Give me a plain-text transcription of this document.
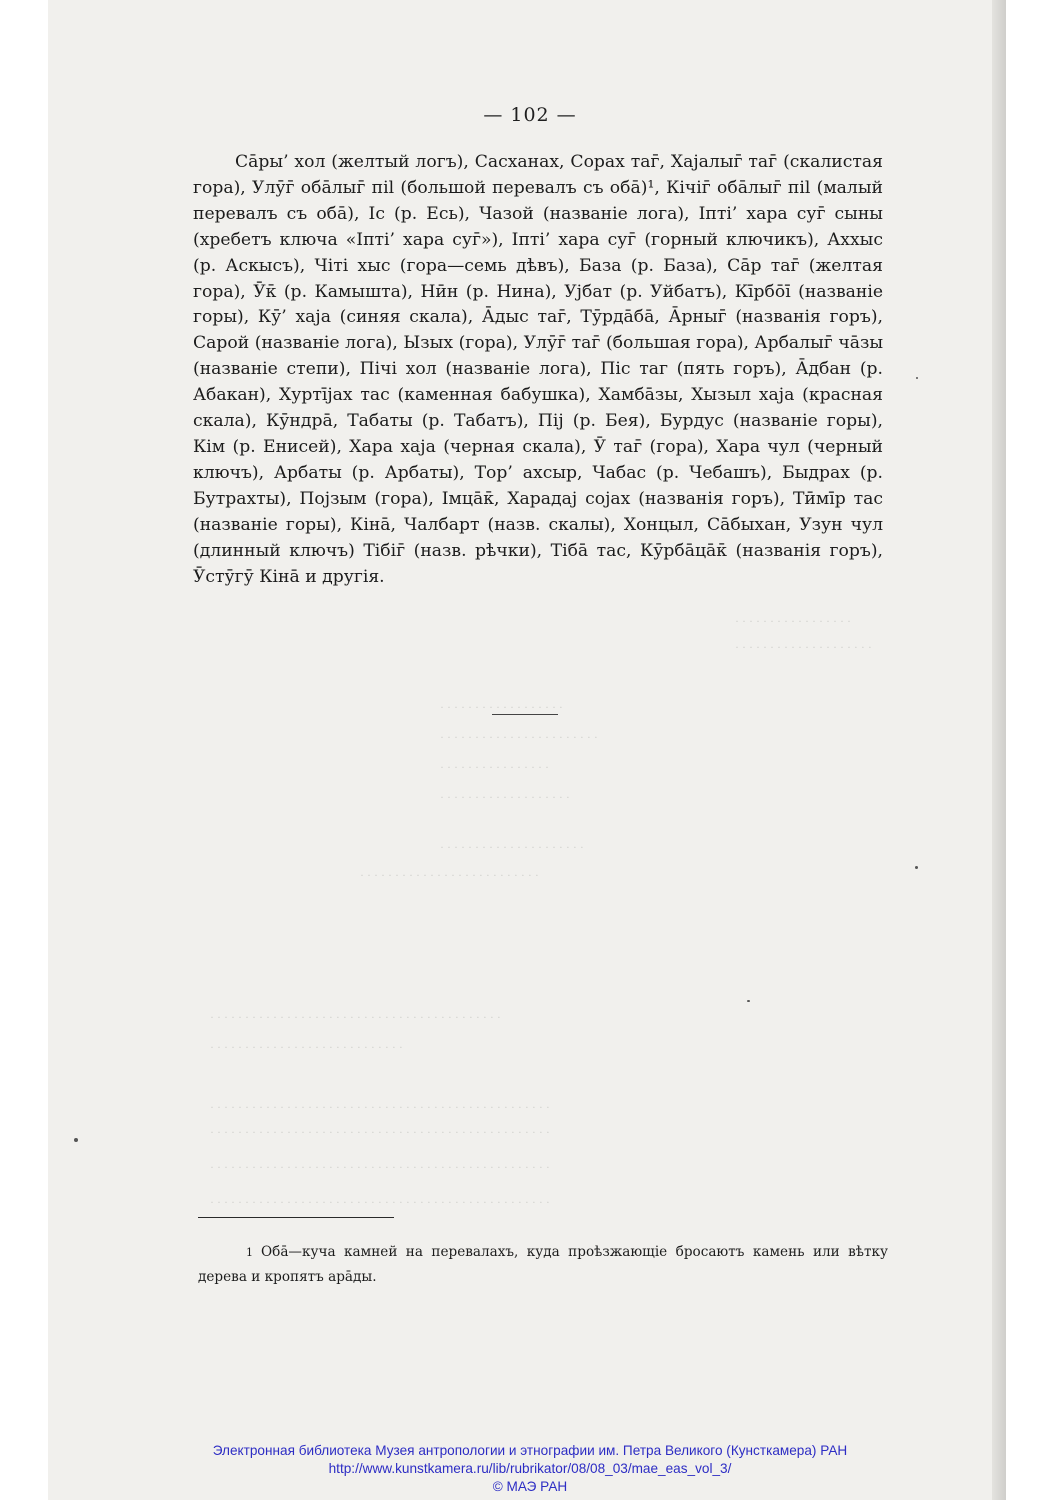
· · · · · · · · · · · · · · · · ·
· · · · · · · · · · · · · · · · · · · ·
· · · · · · · · · · · · · · · · · ·
· · · · · · · · · · · · · · · · · · · · · · ·
· · · · · · · · · · · · · · · ·
· · · · · · · · · · · · · · · · · · ·
· · · · · · · · · · · · · · · · · · · · ·
· · · · · · · · · · · · · · · · · · · · · · · · · ·
· · · · · · · · · · · · · · · · · · · · · · · · · · · · · · · · · · · · · · · · · ·
· · · · · · · · · · · · · · · · · · · · · · · · · · · ·
· · · · · · · · · · · · · · · · · · · · · · · · · · · · · · · · · · · · · · · · · · · · · · · · ·
· · · · · · · · · · · · · · · · · · · · · · · · · · · · · · · · · · · · · · · · · · · · · · · · ·
· · · · · · · · · · · · · · · · · · · · · · · · · · · · · · · · · · · · · · · · · · · · · · · · ·
· · · · · · · · · · · · · · · · · · · · · · · · · · · · · · · · · · · · · · · · · · · · · · · · ·
— 102 —
Са̄ры’ хол (желтый логъ), Сасханах, Сорах таг̄, Хаjалыг̄ таг̄ (скалистая гора), Улӯг̄ оба̄лыг̄ пil (большой перевалъ съ оба̄)¹, Кiчiг̄ оба̄лыг̄ пil (малый перевалъ съ оба̄), Iс (р. Есь), Чазой (названiе лога), Iптi’ хара суг̄ сыны (хребетъ ключа «Iптi’ хара суг̄»), Iптi’ хара суг̄ (горный ключикъ), Аххыс (р. Аскысъ), Чiтi хыс (гора—семь дѣвъ), База (р. База), Са̄р таг̄ (желтая гора), Ӯк̄ (р. Камышта), Нӣн (р. Нина), Уjбат (р. Уйбатъ), Кīрбōī (названiе горы), Кӯ’ хаjа (синяя скала), А̄дыс таг̄, Тӯрдāбā, А̄рныг̄ (названiя горъ), Сарой (названiе лога), Ызых (гора), Улӯг̄ таг̄ (большая гора), Арбалыг̄ чāзы (названiе степи), Пiчi хол (названiе лога), Пiс таг (пять горъ), А̄дбан (р. Абакан), Хуртījах тас (каменная бабушка), Хамбāзы, Хызыл хаjа (красная скала), Кӯндрā, Табаты (р. Табатъ), Пij (р. Бея), Бурдус (названiе горы), Кiм (р. Енисей), Хара хаjа (черная скала), Ӯ таг̄ (гора), Хара чул (черный ключъ), Арбаты (р. Арбаты), Тор’ ахсыр, Чабас (р. Чебашъ), Быдрах (р. Бутрахты), Поjзым (гора), Iмцāк̄, Харадаj соjах (названiя горъ), Тӣмīр тас (названiе горы), Кiнā, Чалбарт (назв. скалы), Хонцыл, Сāбыхан, Узун чул (длинный ключъ) Тiбiг̄ (назв. рѣчки), Тiбā тас, Кӯрбāцāк̄ (названiя горъ), Ӯстӯгӯ Кiнā и другiя.
1 Оба̄—куча камней на перевалахъ, куда проѣзжающiе бросаютъ камень или вѣтку дерева и кропятъ арāды.
Электронная библиотека Музея антропологии и этнографии им. Петра Великого (Кунсткамера) РАН
http://www.kunstkamera.ru/lib/rubrikator/08/08_03/mae_eas_vol_3/
© МАЭ РАН
